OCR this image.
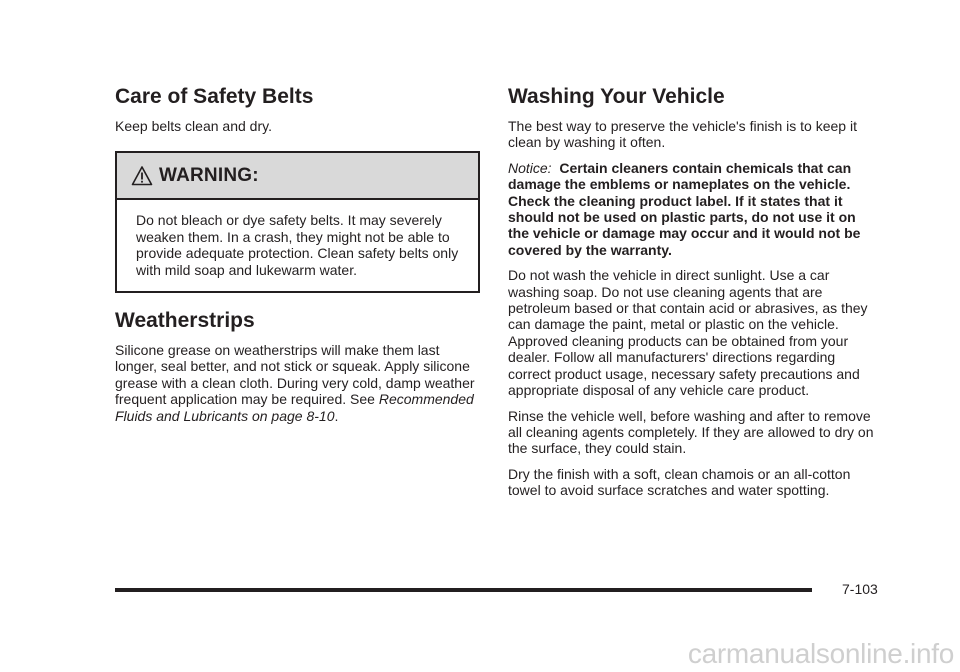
Care of Safety Belts

Keep belts clean and dry.

WARNING:

Do not bleach or dye safety belts. It may severely weaken them. In a crash, they might not be able to provide adequate protection. Clean safety belts only with mild soap and lukewarm water.

Weatherstrips

Silicone grease on weatherstrips will make them last longer, seal better, and not stick or squeak. Apply silicone grease with a clean cloth. During very cold, damp weather frequent application may be required. See Recommended Fluids and Lubricants on page 8-10.

Washing Your Vehicle

The best way to preserve the vehicle's finish is to keep it clean by washing it often.

Notice: Certain cleaners contain chemicals that can damage the emblems or nameplates on the vehicle. Check the cleaning product label. If it states that it should not be used on plastic parts, do not use it on the vehicle or damage may occur and it would not be covered by the warranty.

Do not wash the vehicle in direct sunlight. Use a car washing soap. Do not use cleaning agents that are petroleum based or that contain acid or abrasives, as they can damage the paint, metal or plastic on the vehicle. Approved cleaning products can be obtained from your dealer. Follow all manufacturers' directions regarding correct product usage, necessary safety precautions and appropriate disposal of any vehicle care product.

Rinse the vehicle well, before washing and after to remove all cleaning agents completely. If they are allowed to dry on the surface, they could stain.

Dry the finish with a soft, clean chamois or an all-cotton towel to avoid surface scratches and water spotting.

7-103
carmanualsonline.info
